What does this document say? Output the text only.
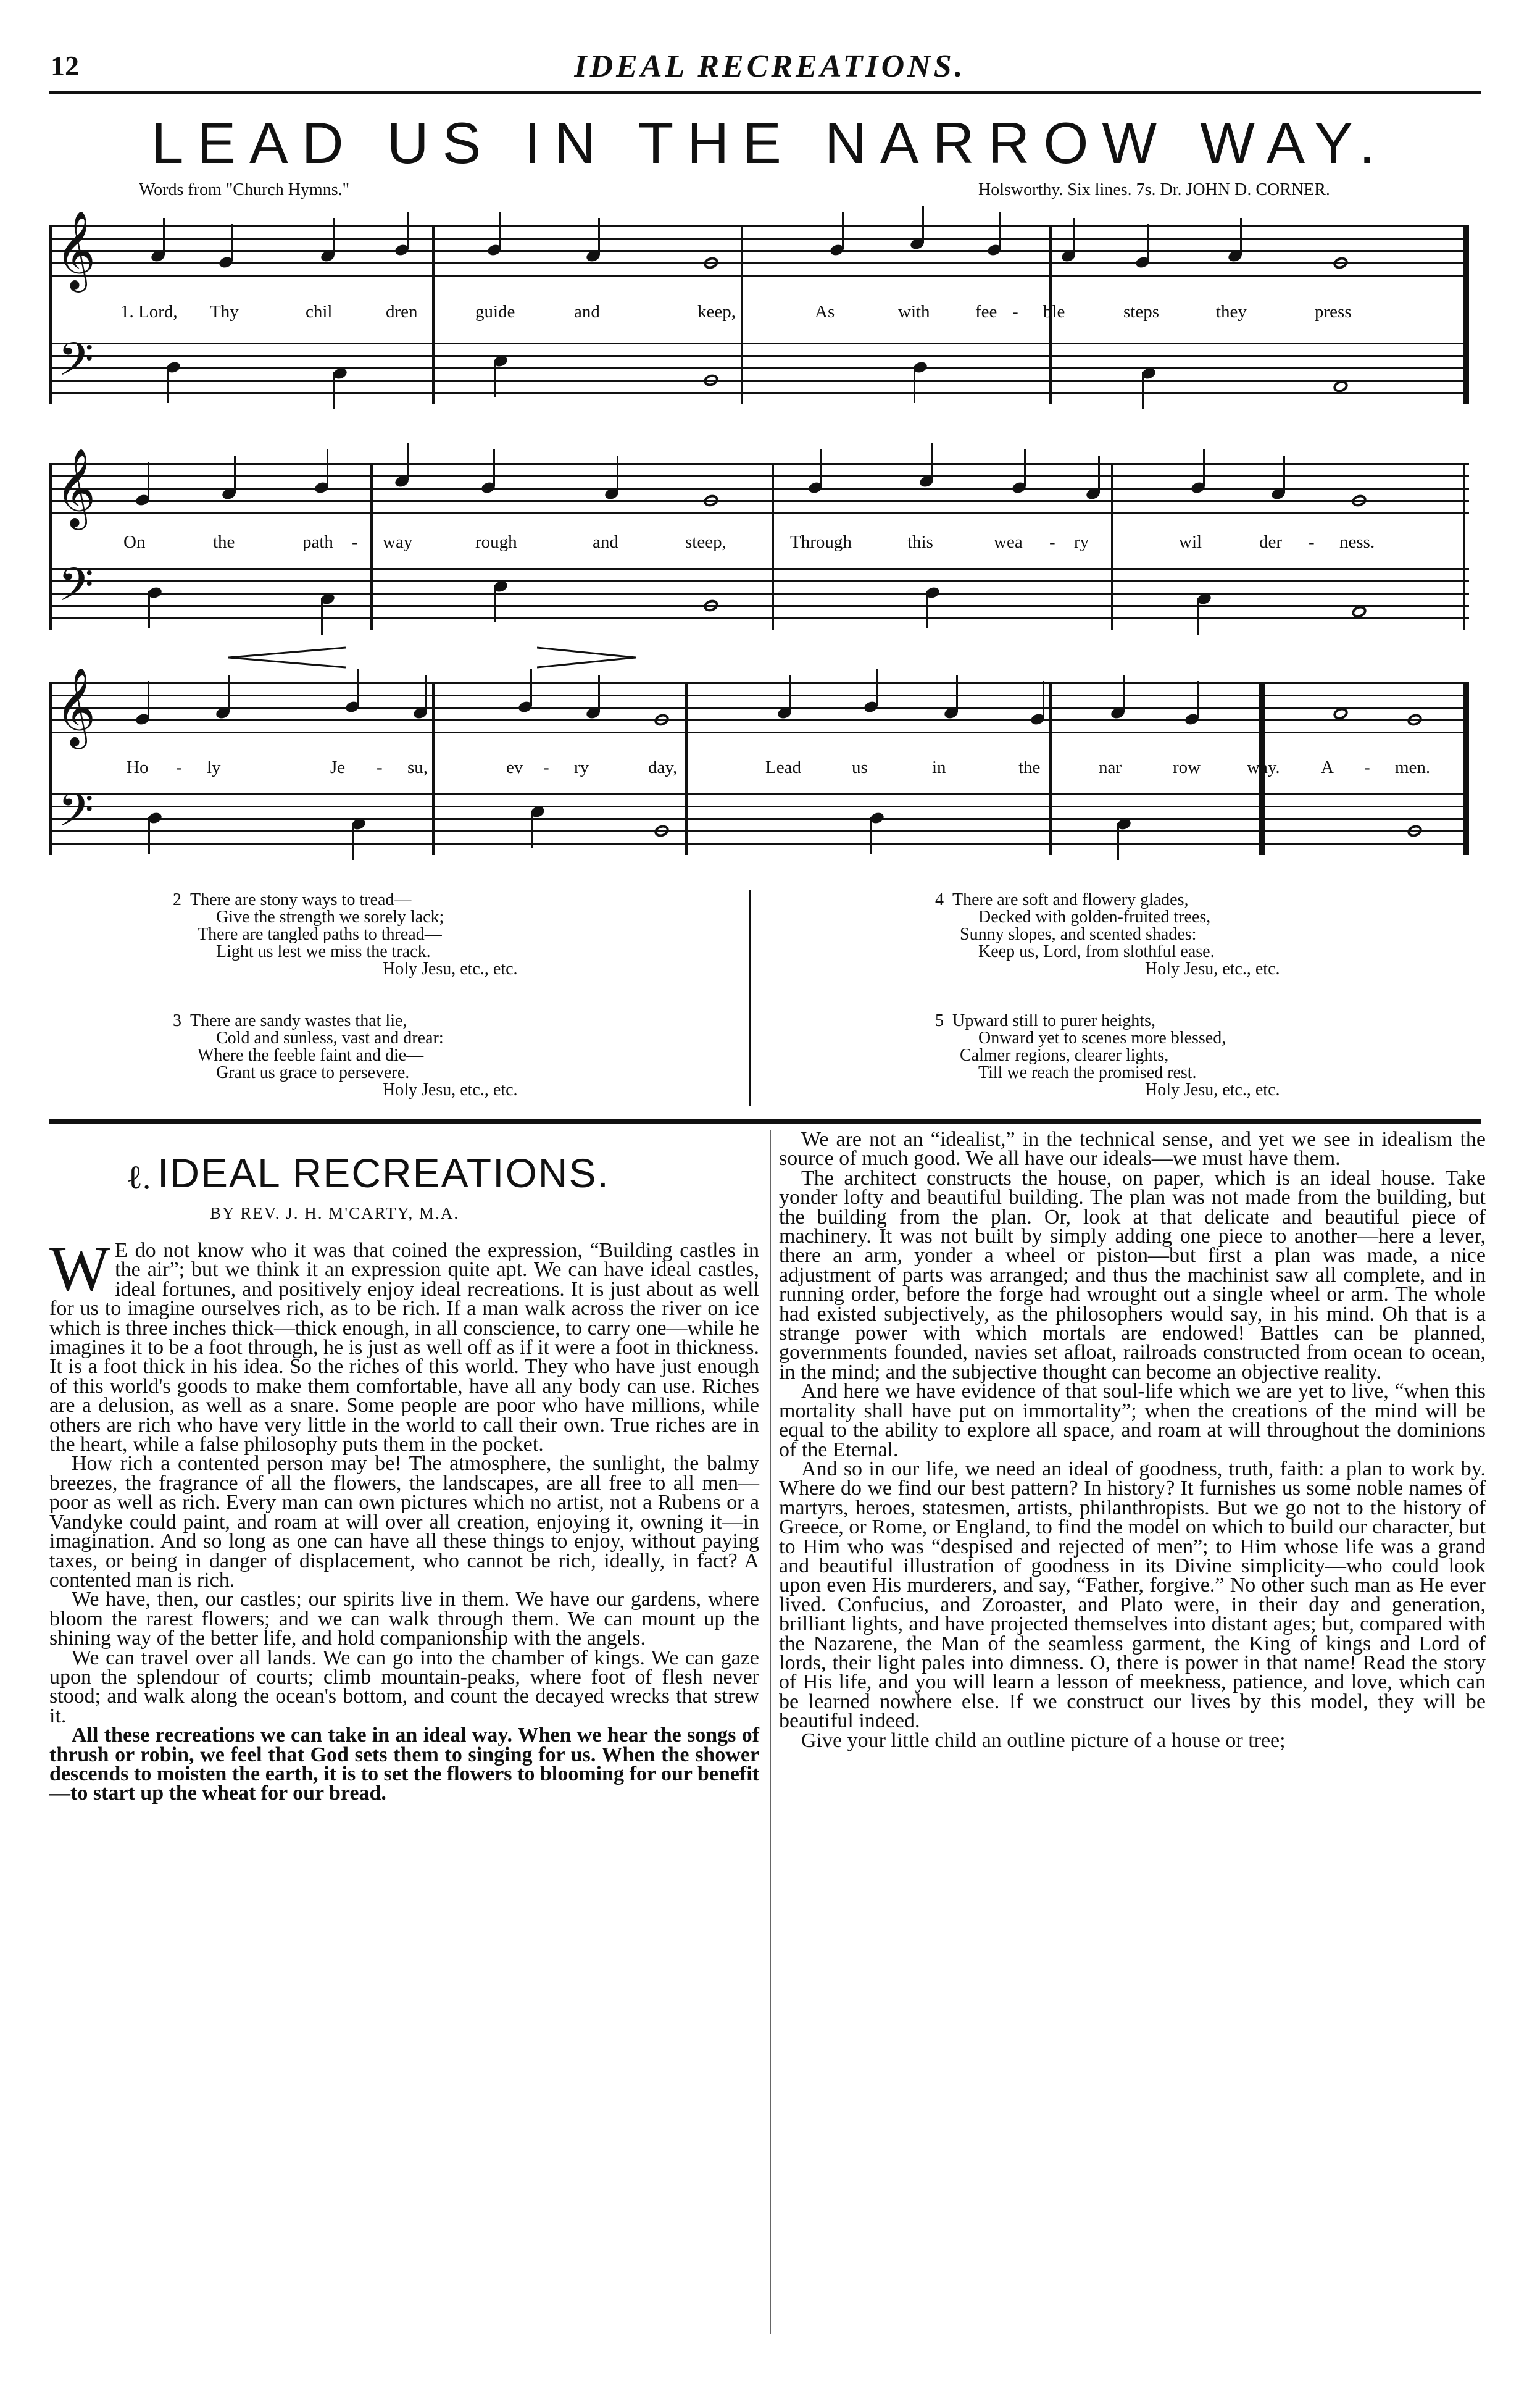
12	IDEAL RECREATIONS.
LEAD US IN THE NARROW WAY.
Words from "Church Hymns."	Holsworthy. Six lines. 7s. Dr. JOHN D. CORNER.
𝄞
𝄢
1. Lord, Thy	chil	dren	guide	and	keep,	As	with	fee - ble	steps	they	press
𝄞
𝄢
On	the	path - way	rough	and	steep,	Through	this	wea - ry	wil	der - ness.
𝄞
𝄢
Ho - ly	Je - su,	ev - ry	day,	Lead	us	in	the	nar	row	way. A - men.
2 There are stony ways to tread—
Give the strength we sorely lack;
There are tangled paths to thread—
Light us lest we miss the track.
Holy Jesu, etc., etc.
3 There are sandy wastes that lie,
Cold and sunless, vast and drear:
Where the feeble faint and die—
Grant us grace to persevere.
Holy Jesu, etc., etc.
4 There are soft and flowery glades,
Decked with golden-fruited trees,
Sunny slopes, and scented shades:
Keep us, Lord, from slothful ease.
Holy Jesu, etc., etc.
5 Upward still to purer heights,
Onward yet to scenes more blessed,
Calmer regions, clearer lights,
Till we reach the promised rest.
Holy Jesu, etc., etc.
ℓ. IDEAL RECREATIONS.
BY REV. J. H. M'CARTY, M.A.

W E do not know who it was that coined the expression, “Building castles in the air”; but we think it an expression quite apt. We can have ideal castles, ideal fortunes, and positively enjoy ideal recreations. It is just about as well for us to imagine ourselves rich, as to be rich. If a man walk across the river on ice which is three inches thick—thick enough, in all conscience, to carry one—while he imagines it to be a foot through, he is just as well off as if it were a foot in thickness. It is a foot thick in his idea. So the riches of this world. They who have just enough of this world's goods to make them comfortable, have all any body can use. Riches are a delusion, as well as a snare. Some people are poor who have millions, while others are rich who have very little in the world to call their own. True riches are in the heart, while a false philosophy puts them in the pocket.

How rich a contented person may be! The atmosphere, the sunlight, the balmy breezes, the fragrance of all the flowers, the landscapes, are all free to all men—poor as well as rich. Every man can own pictures which no artist, not a Rubens or a Vandyke could paint, and roam at will over all creation, enjoying it, owning it—in imagination. And so long as one can have all these things to enjoy, without paying taxes, or being in danger of displacement, who cannot be rich, ideally, in fact? A contented man is rich.

We have, then, our castles; our spirits live in them. We have our gardens, where bloom the rarest flowers; and we can walk through them. We can mount up the shining way of the better life, and hold companionship with the angels.

We can travel over all lands. We can go into the chamber of kings. We can gaze upon the splendour of courts; climb mountain-peaks, where foot of flesh never stood; and walk along the ocean's bottom, and count the decayed wrecks that strew it.

All these recreations we can take in an ideal way. When we hear the songs of thrush or robin, we feel that God sets them to singing for us. When the shower descends to moisten the earth, it is to set the flowers to blooming for our benefit—to start up the wheat for our bread.

We are not an “idealist,” in the technical sense, and yet we see in idealism the source of much good. We all have our ideals—we must have them.

The architect constructs the house, on paper, which is an ideal house. Take yonder lofty and beautiful building. The plan was not made from the building, but the building from the plan. Or, look at that delicate and beautiful piece of machinery. It was not built by simply adding one piece to another—here a lever, there an arm, yonder a wheel or piston—but first a plan was made, a nice adjustment of parts was arranged; and thus the machinist saw all complete, and in running order, before the forge had wrought out a single wheel or arm. The whole had existed subjectively, as the philosophers would say, in his mind. Oh that is a strange power with which mortals are endowed! Battles can be planned, governments founded, navies set afloat, railroads constructed from ocean to ocean, in the mind; and the subjective thought can become an objective reality.

And here we have evidence of that soul-life which we are yet to live, “when this mortality shall have put on immortality”; when the creations of the mind will be equal to the ability to explore all space, and roam at will throughout the dominions of the Eternal.

And so in our life, we need an ideal of goodness, truth, faith: a plan to work by. Where do we find our best pattern? In history? It furnishes us some noble names of martyrs, heroes, statesmen, artists, philanthropists. But we go not to the history of Greece, or Rome, or England, to find the model on which to build our character, but to Him who was “despised and rejected of men”; to Him whose life was a grand and beautiful illustration of goodness in its Divine simplicity—who could look upon even His murderers, and say, “Father, forgive.” No other such man as He ever lived. Confucius, and Zoroaster, and Plato were, in their day and generation, brilliant lights, and have projected themselves into distant ages; but, compared with the Nazarene, the Man of the seamless garment, the King of kings and Lord of lords, their light pales into dimness. O, there is power in that name! Read the story of His life, and you will learn a lesson of meekness, patience, and love, which can be learned nowhere else. If we construct our lives by this model, they will be beautiful indeed.

Give your little child an outline picture of a house or tree;
